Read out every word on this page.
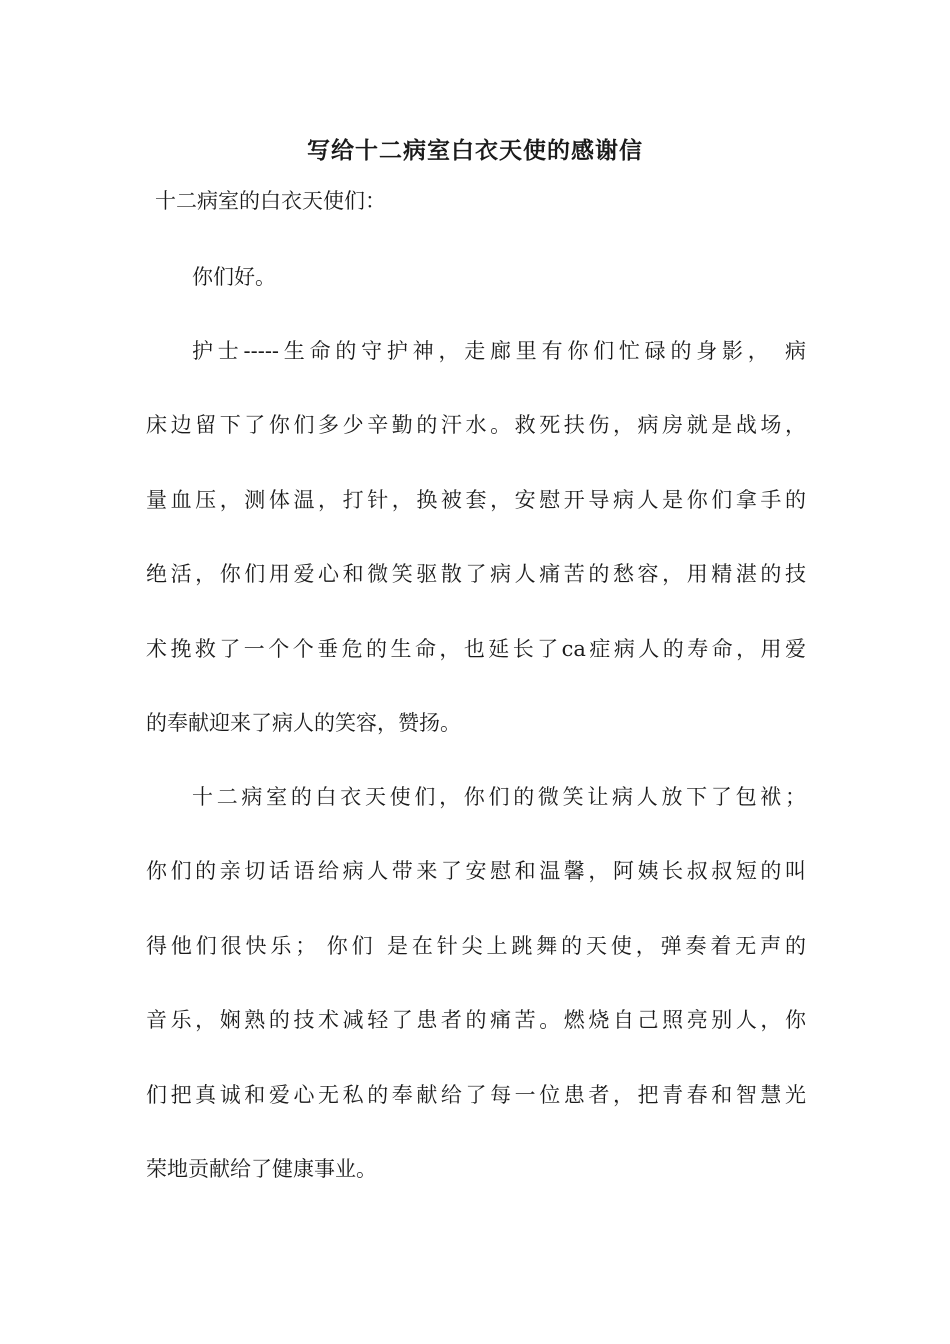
写给十二病室白衣天使的感谢信
十二病室的白衣天使们：
你们好。
护士-----生命的守护神，走廊里有你们忙碌的身影， 病
床边留下了你们多少辛勤的汗水。救死扶伤，病房就是战场，
量血压，测体温，打针，换被套，安慰开导病人是你们拿手的
绝活，你们用爱心和微笑驱散了病人痛苦的愁容，用精湛的技
术挽救了一个个垂危的生命，也延长了ca症病人的寿命，用爱
的奉献迎来了病人的笑容，赞扬。
十二病室的白衣天使们，你们的微笑让病人放下了包袱；
你们的亲切话语给病人带来了安慰和温馨，阿姨长叔叔短的叫
得他们很快乐； 你们 是在针尖上跳舞的天使，弹奏着无声的
音乐，娴熟的技术减轻了患者的痛苦。燃烧自己照亮别人，你
们把真诚和爱心无私的奉献给了每一位患者，把青春和智慧光
荣地贡献给了健康事业。
